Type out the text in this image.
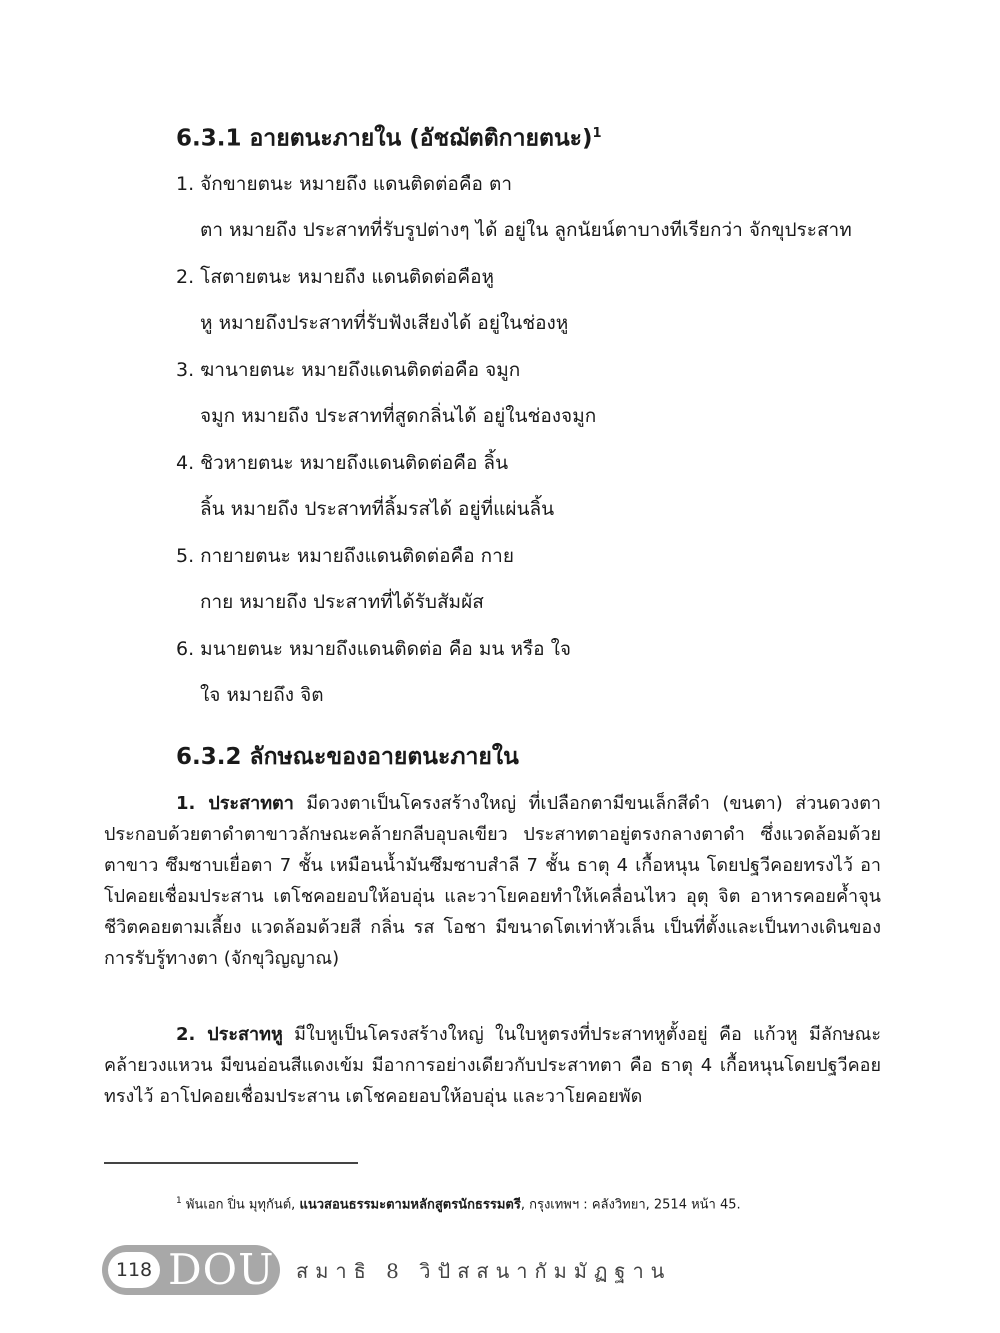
6.3.1 อายตนะภายใน (อัชฌัตติกายตนะ)$^1$
1. จักขายตนะ หมายถึง แดนติดต่อคือ ตา
ตา หมายถึง ประสาทที่รับรูปต่างๆ ได้ อยู่ใน ลูกนัยน์ตาบางทีเรียกว่า จักขุประสาท
2. โสตายตนะ หมายถึง แดนติดต่อคือหู
หู หมายถึงประสาทที่รับฟังเสียงได้ อยู่ในช่องหู
3. ฆานายตนะ หมายถึงแดนติดต่อคือ จมูก
จมูก หมายถึง ประสาทที่สูดกลิ่นได้ อยู่ในช่องจมูก
4. ชิวหายตนะ หมายถึงแดนติดต่อคือ ลิ้น
ลิ้น หมายถึง ประสาทที่ลิ้มรสได้ อยู่ที่แผ่นลิ้น
5. กายายตนะ หมายถึงแดนติดต่อคือ กาย
กาย หมายถึง ประสาทที่ได้รับสัมผัส
6. มนายตนะ หมายถึงแดนติดต่อ คือ มน หรือ ใจ
ใจ หมายถึง จิต
6.3.2 ลักษณะของอายตนะภายใน

1. ประสาทตา มีดวงตาเป็นโครงสร้างใหญ่ ที่เปลือกตามีขนเล็กสีดำ (ขนตา) ส่วนดวงตาประกอบด้วยตาดำตาขาวลักษณะคล้ายกลีบอุบลเขียว ประสาทตาอยู่ตรงกลางตาดำ ซึ่งแวดล้อมด้วยตาขาว ซึมซาบเยื่อตา 7 ชั้น เหมือนน้ำมันซึมซาบสำลี 7 ชั้น ธาตุ 4 เกื้อหนุน โดยปฐวีคอยทรงไว้ อาโปคอยเชื่อมประสาน เตโชคอยอบให้อบอุ่น และวาโยคอยทำให้เคลื่อนไหว อุตุ จิต อาหารคอยค้ำจุน ชีวิตคอยตามเลี้ยง แวดล้อมด้วยสี กลิ่น รส โอชา มีขนาดโตเท่าหัวเล็น เป็นที่ตั้งและเป็นทางเดินของการรับรู้ทางตา (จักขุวิญญาณ)

2. ประสาทหู มีใบหูเป็นโครงสร้างใหญ่ ในใบหูตรงที่ประสาทหูตั้งอยู่ คือ แก้วหู มีลักษณะคล้ายวงแหวน มีขนอ่อนสีแดงเข้ม มีอาการอย่างเดียวกับประสาทตา คือ ธาตุ 4 เกื้อหนุนโดยปฐวีคอยทรงไว้ อาโปคอยเชื่อมประสาน เตโชคอยอบให้อบอุ่น และวาโยคอยพัด

$^1$ พันเอก ปิ่น มุทุกันต์, แนวสอนธรรมะตามหลักสูตรนักธรรมตรี, กรุงเทพฯ : คลังวิทยา, 2514 หน้า 45.
118 DOU สมาธิ 8 วิปัสสนากัมมัฏฐาน
